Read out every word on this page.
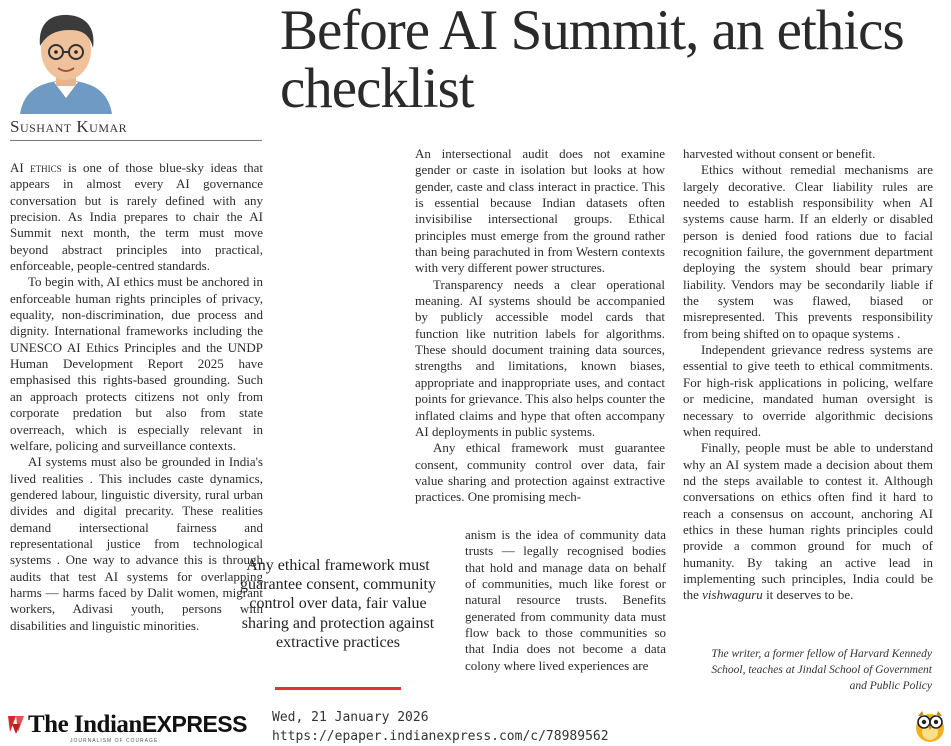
Before AI Summit, an ethics checklist
Sushant Kumar

AI ethics is one of those blue-sky ideas that appears in almost every AI governance conversation but is rarely defined with any precision. As India prepares to chair the AI Summit next month, the term must move beyond abstract principles into practical, enforceable, people-centred standards.

To begin with, AI ethics must be anchored in enforceable human rights principles of privacy, equality, non-discrimination, due process and dignity. International frameworks including the UNESCO AI Ethics Principles and the UNDP Human Development Report 2025 have emphasised this rights-based grounding. Such an approach protects citizens not only from corporate predation but also from state overreach, which is especially relevant in welfare, policing and surveillance contexts.

AI systems must also be grounded in India's lived realities . This includes caste dynamics, gendered labour, linguistic diversity, rural urban divides and digital precarity. These realities demand intersectional fairness and representational justice from technological systems . One way to advance this is through audits that test AI systems for overlapping harms — harms faced by Dalit women, migrant workers, Adivasi youth, persons with disabilities and linguistic minorities.

Any ethical framework must guarantee consent, community control over data, fair value sharing and protection against extractive practices

An intersectional audit does not examine gender or caste in isolation but looks at how gender, caste and class interact in practice. This is essential because Indian datasets often invisibilise intersectional groups. Ethical principles must emerge from the ground rather than being parachuted in from Western contexts with very different power structures.

Transparency needs a clear operational meaning. AI systems should be accompanied by publicly accessible model cards that function like nutrition labels for algorithms. These should document training data sources, strengths and limitations, known biases, appropriate and inappropriate uses, and contact points for grievance. This also helps counter the inflated claims and hype that often accompany AI deployments in public systems.

Any ethical framework must guarantee consent, community control over data, fair value sharing and protection against extractive practices. One promising mech-

anism is the idea of community data trusts — legally recognised bodies that hold and manage data on behalf of communities, much like forest or natural resource trusts. Benefits generated from community data must flow back to those communities so that India does not become a data colony where lived experiences are

harvested without consent or benefit.

Ethics without remedial mechanisms are largely decorative. Clear liability rules are needed to establish responsibility when AI systems cause harm. If an elderly or disabled person is denied food rations due to facial recognition failure, the government department deploying the system should bear primary liability. Vendors may be secondarily liable if the system was flawed, biased or misrepresented. This prevents responsibility from being shifted on to opaque systems .

Independent grievance redress systems are essential to give teeth to ethical commitments. For high-risk applications in policing, welfare or medicine, mandated human oversight is necessary to override algorithmic decisions when required.

Finally, people must be able to understand why an AI system made a decision about them nd the steps available to contest it. Although conversations on ethics often find it hard to reach a consensus on account, anchoring AI ethics in these human rights principles could provide a common ground for much of humanity. By taking an active lead in implementing such principles, India could be the vishwaguru it deserves to be.

The writer, a former fellow of Harvard Kennedy School, teaches at Jindal School of Government and Public Policy

The IndianEXPRESS
JOURNALISM OF COURAGE
Wed, 21 January 2026
https://epaper.indianexpress.com/c/78989562
